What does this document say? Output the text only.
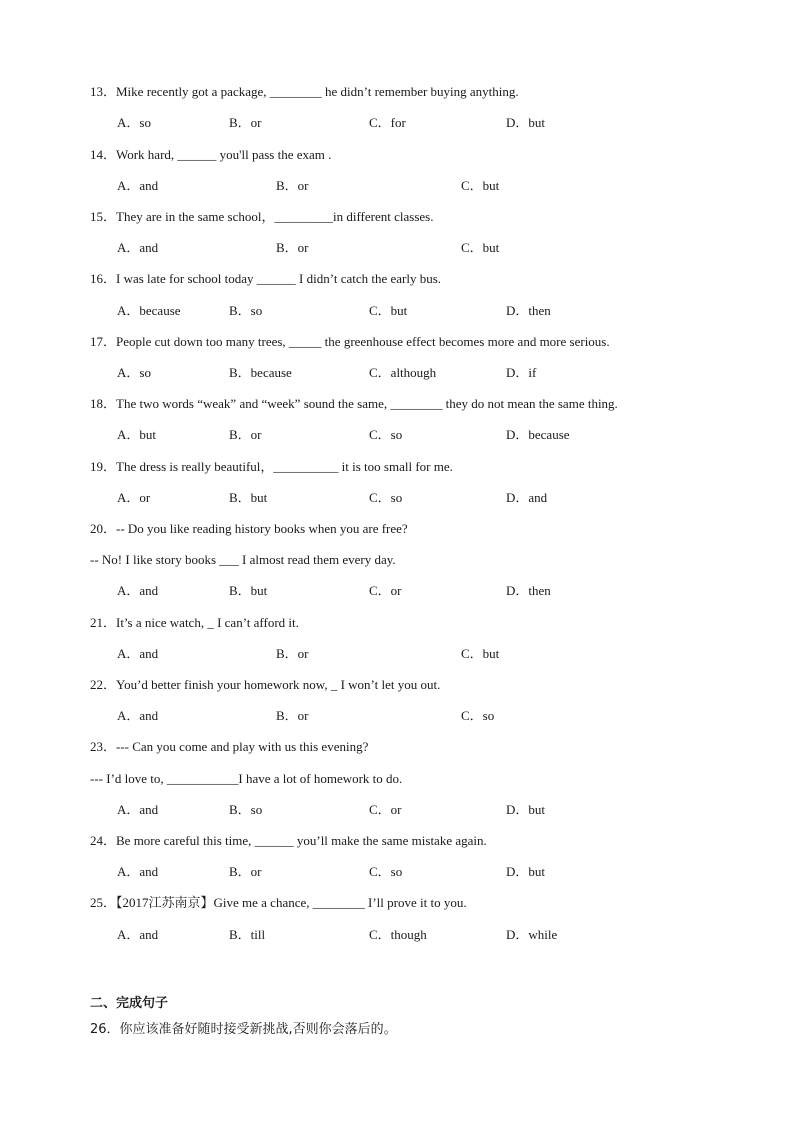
13．Mike recently got a package, ________ he didn’t remember buying anything.
A．so	B．or	C．for	D．but
14．Work hard, ______ you'll pass the exam .
A．and	B．or	C．but
15．They are in the same school，_________in different classes.
A．and	B．or	C．but
16．I was late for school today ______ I didn’t catch the early bus.
A．because	B．so	C．but	D．then
17．People cut down too many trees, _____ the greenhouse effect becomes more and more serious.
A．so	B．because	C．although	D．if
18．The two words “weak” and “week” sound the same, ________ they do not mean the same thing.
A．but	B．or	C．so	D．because
19．The dress is really beautiful，__________ it is too small for me.
A．or	B．but	C．so	D．and
20．-- Do you like reading history books when you are free?
-- No! I like story books ___ I almost read them every day.
A．and	B．but	C．or	D．then
21．It’s a nice watch, _ I can’t afford it.
A．and	B．or	C．but
22．You’d better finish your homework now, _ I won’t let you out.
A．and	B．or	C．so
23．--- Can you come and play with us this evening?
--- I’d love to, ___________I have a lot of homework to do.
A．and	B．so	C．or	D．but
24．Be more careful this time, ______ you’ll make the same mistake again.
A．and	B．or	C．so	D．but
25．【2017江苏南京】Give me a chance, ________ I’ll prove it to you.
A．and	B．till	C．though	D．while
二、完成句子
26．你应该准备好随时接受新挑战,否则你会落后的。
